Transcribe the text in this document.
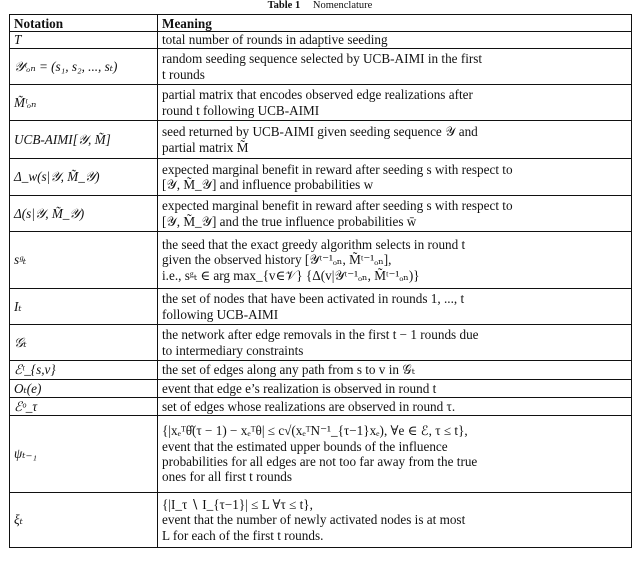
Table 1 Nomenclature
Notation	Meaning
T	total number of rounds in adaptive seeding

𝒴ᵗₒₙ = (s₁, s₂, ..., sₜ)	random seeding sequence selected by UCB-AIMI in the first
t rounds

M̃ᵗₒₙ	partial matrix that encodes observed edge realizations after
round t following UCB-AIMI

UCB-AIMI[𝒴, M̃]	seed returned by UCB-AIMI given seeding sequence 𝒴 and
partial matrix M̃

Δ_w(s|𝒴, M̃_𝒴)	expected marginal benefit in reward after seeding s with respect to
[𝒴, M̃_𝒴] and influence probabilities w

Δ(s|𝒴, M̃_𝒴)	expected marginal benefit in reward after seeding s with respect to
[𝒴, M̃_𝒴] and the true influence probabilities w̄

sᵍₜ	the seed that the exact greedy algorithm selects in round t
given the observed history [𝒴ᵗ⁻¹ₒₙ, M̃ᵗ⁻¹ₒₙ],
i.e., sᵍₜ ∈ arg max_{v∈𝒱} {Δ(v|𝒴ᵗ⁻¹ₒₙ, M̃ᵗ⁻¹ₒₙ)}

Iₜ	the set of nodes that have been activated in rounds 1, ..., t
following UCB-AIMI

𝒢ₜ	the network after edge removals in the first t − 1 rounds due
to intermediary constraints

ℰᵗ_{s,v}	the set of edges along any path from s to v in 𝒢ₜ

Oₜ(e)	event that edge e’s realization is observed in round t

ℰᵒ_τ	set of edges whose realizations are observed in round τ.

ψₜ₋₁	{|xₑᵀθ̂(τ − 1) − xₑᵀθ| ≤ c√(xₑᵀN⁻¹_{τ−1}xₑ), ∀e ∈ ℰ, τ ≤ t},
event that the estimated upper bounds of the influence
probabilities for all edges are not too far away from the true
ones for all first t rounds

ξₜ	{|I_τ ∖ I_{τ−1}| ≤ L ∀τ ≤ t},
event that the number of newly activated nodes is at most
L for each of the first t rounds.
